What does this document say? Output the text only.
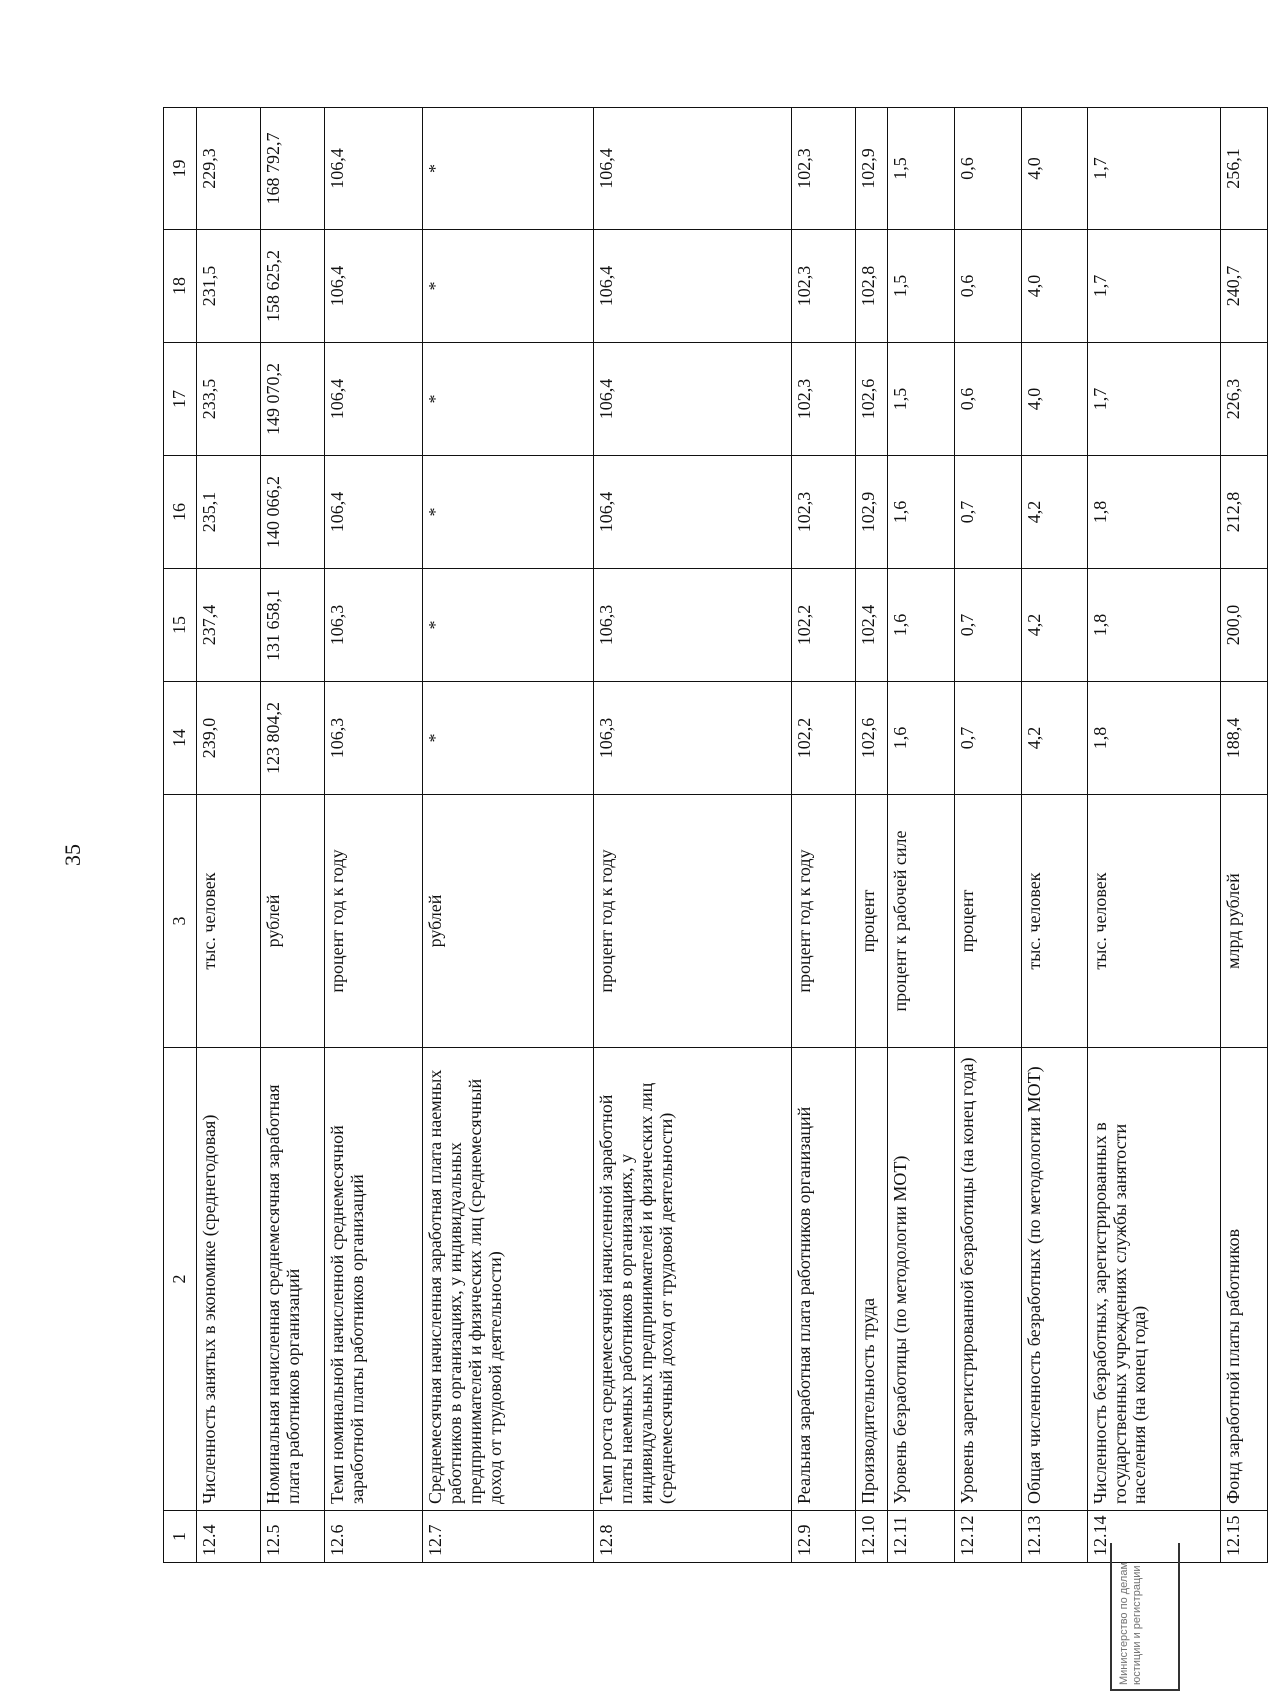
35
1	2	3	14	15	16	17	18	19
12.4	Численность занятых в экономике (среднегодовая)	тыс. человек	239,0	237,4	235,1	233,5	231,5	229,3
12.5	Номинальная начисленная среднемесячная заработная плата работников организаций	рублей	123 804,2	131 658,1	140 066,2	149 070,2	158 625,2	168 792,7
12.6	Темп номинальной начисленной среднемесячной заработной платы работников организаций	процент год к году	106,3	106,3	106,4	106,4	106,4	106,4
12.7	Среднемесячная начисленная заработная плата наемных работников в организациях, у индивидуальных предпринимателей и физических лиц (среднемесячный доход от трудовой деятельности)	рублей	*	*	*	*	*	*
12.8	Темп роста среднемесячной начисленной заработной платы наемных работников в организациях, у индивидуальных предпринимателей и физических лиц (среднемесячный доход от трудовой деятельности)	процент год к году	106,3	106,3	106,4	106,4	106,4	106,4
12.9	Реальная заработная плата работников организаций	процент год к году	102,2	102,2	102,3	102,3	102,3	102,3
12.10	Производительность труда	процент	102,6	102,4	102,9	102,6	102,8	102,9
12.11	Уровень безработицы (по методологии МОТ)	процент к рабочей силе	1,6	1,6	1,6	1,5	1,5	1,5
12.12	Уровень зарегистрированной безработицы (на конец года)	процент	0,7	0,7	0,7	0,6	0,6	0,6
12.13	Общая численность безработных (по методологии МОТ)	тыс. человек	4,2	4,2	4,2	4,0	4,0	4,0
12.14	Численность безработных, зарегистрированных в государственных учреждениях службы занятости населения (на конец года)	тыс. человек	1,8	1,8	1,8	1,7	1,7	1,7
12.15	Фонд заработной платы работников	млрд рублей	188,4	200,0	212,8	226,3	240,7	256,1
Министерство по делам юстиции и регистрации
